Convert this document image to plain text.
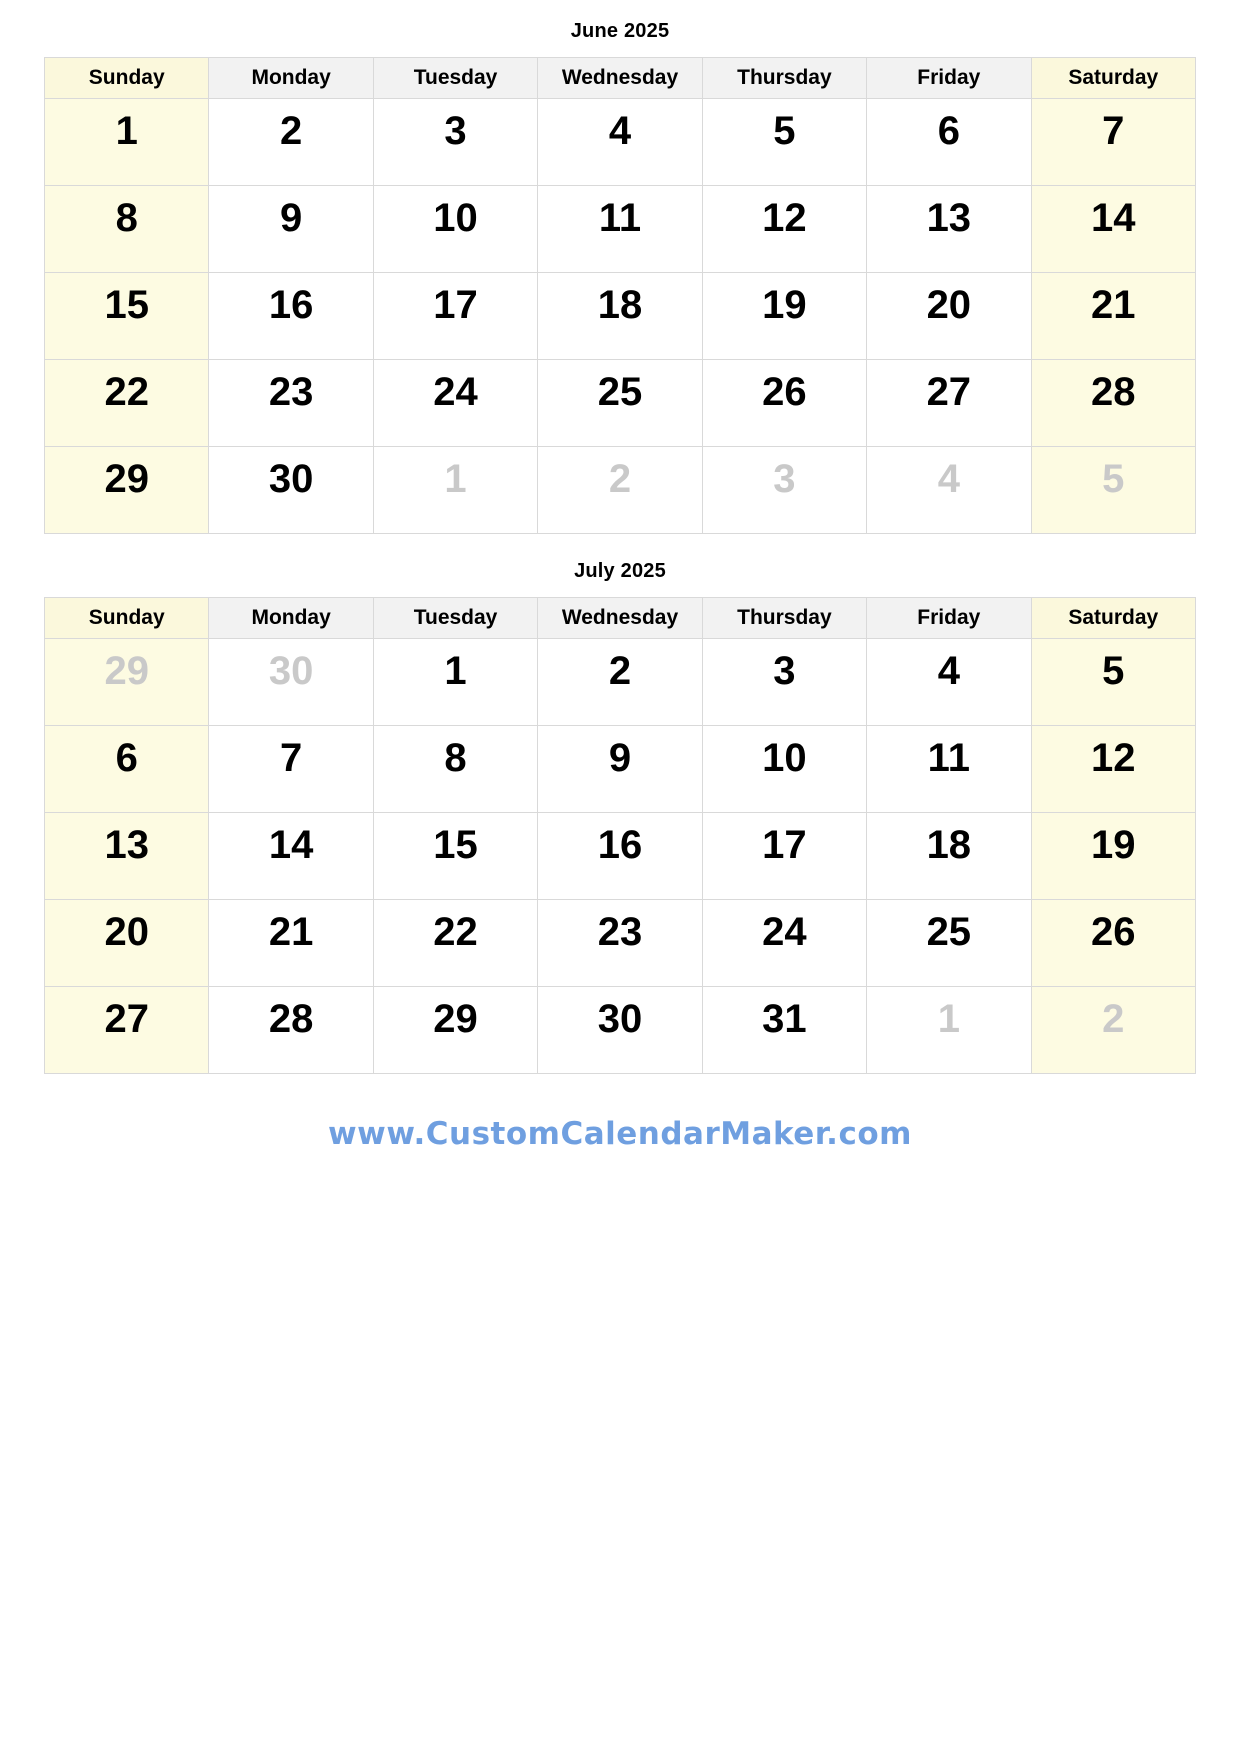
June 2025
Sunday	Monday	Tuesday	Wednesday	Thursday	Friday	Saturday

1	2	3	4	5	6	7

8	9	10	11	12	13	14

15	16	17	18	19	20	21

22	23	24	25	26	27	28

29	30	1	2	3	4	5
July 2025
Sunday	Monday	Tuesday	Wednesday	Thursday	Friday	Saturday

29	30	1	2	3	4	5

6	7	8	9	10	11	12

13	14	15	16	17	18	19

20	21	22	23	24	25	26

27	28	29	30	31	1	2
www.CustomCalendarMaker.com
